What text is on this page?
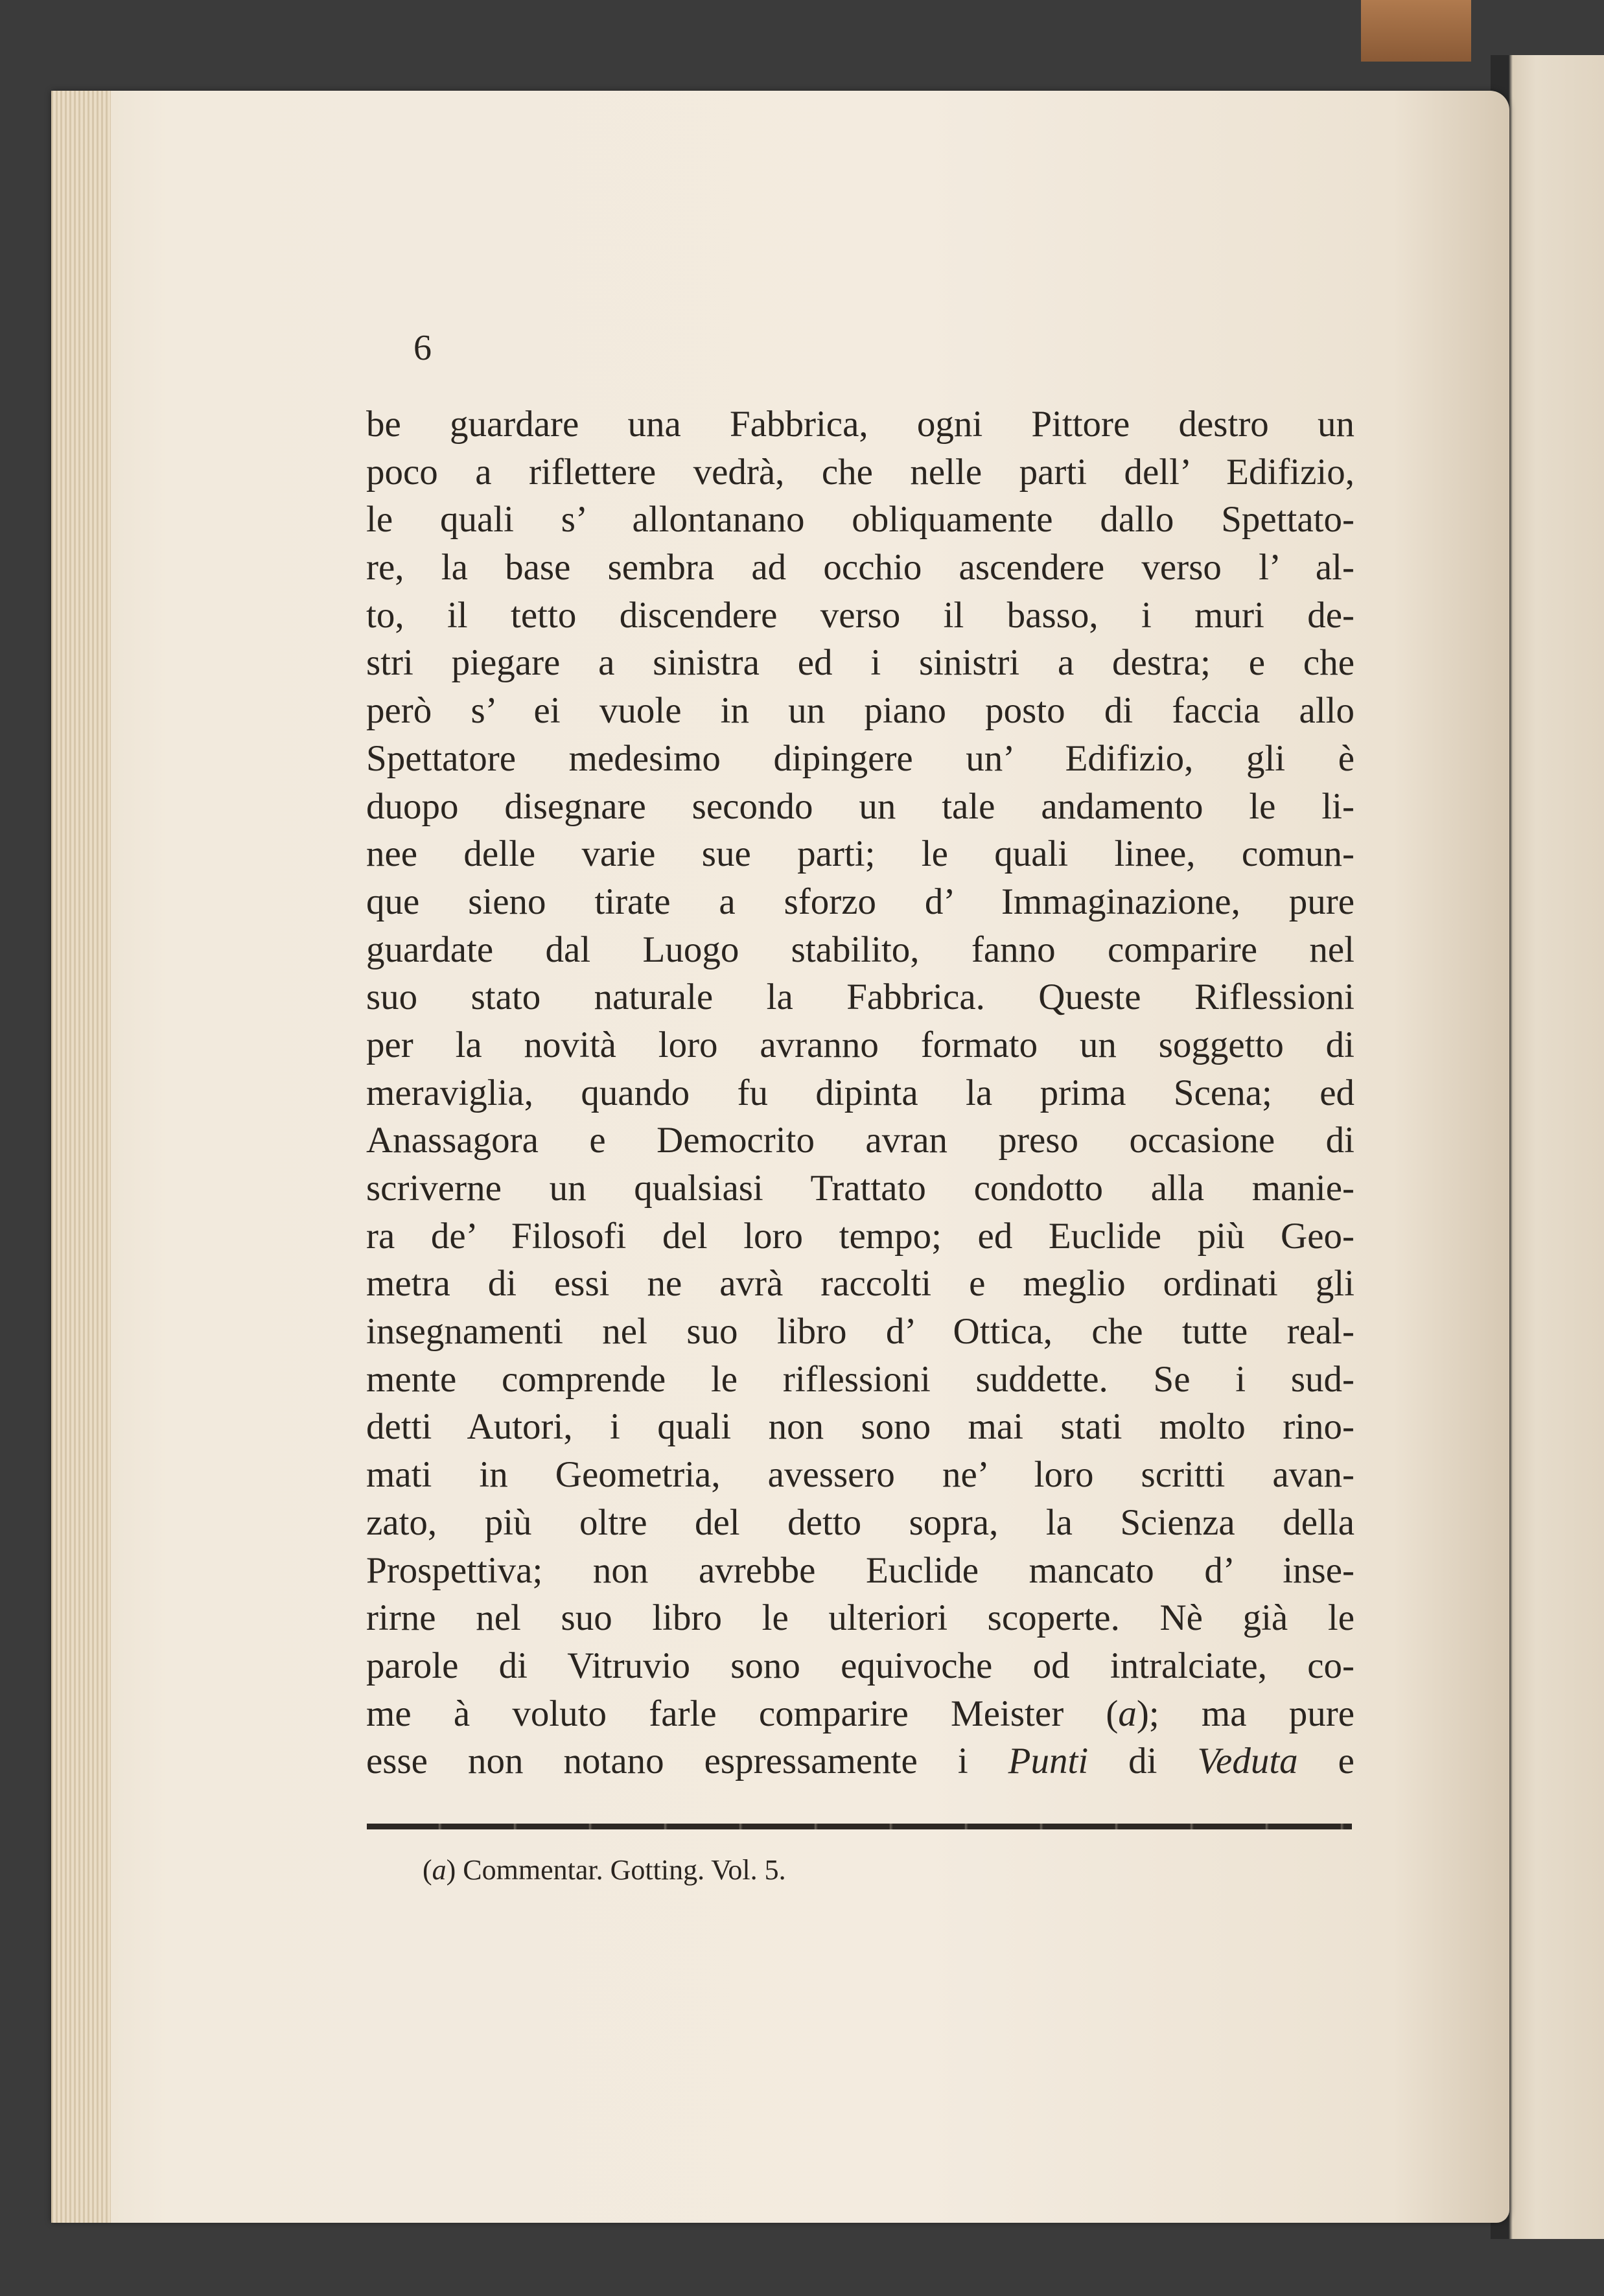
6
be guardare una Fabbrica, ogni Pittore destro un
poco a riflettere vedrà, che nelle parti dell’ Edifizio,
le quali s’ allontanano obliquamente dallo Spettato-
re, la base sembra ad occhio ascendere verso l’ al-
to, il tetto discendere verso il basso, i muri de-
stri piegare a sinistra ed i sinistri a destra; e che
però s’ ei vuole in un piano posto di faccia allo
Spettatore medesimo dipingere un’ Edifizio, gli è
duopo disegnare secondo un tale andamento le li-
nee delle varie sue parti; le quali linee, comun-
que sieno tirate a sforzo d’ Immaginazione, pure
guardate dal Luogo stabilito, fanno comparire nel
suo stato naturale la Fabbrica. Queste Riflessioni
per la novità loro avranno formato un soggetto di
meraviglia, quando fu dipinta la prima Scena; ed
Anassagora e Democrito avran preso occasione di
scriverne un qualsiasi Trattato condotto alla manie-
ra de’ Filosofi del loro tempo; ed Euclide più Geo-
metra di essi ne avrà raccolti e meglio ordinati gli
insegnamenti nel suo libro d’ Ottica, che tutte real-
mente comprende le riflessioni suddette. Se i sud-
detti Autori, i quali non sono mai stati molto rino-
mati in Geometria, avessero ne’ loro scritti avan-
zato, più oltre del detto sopra, la Scienza della
Prospettiva; non avrebbe Euclide mancato d’ inse-
rirne nel suo libro le ulteriori scoperte. Nè già le
parole di Vitruvio sono equivoche od intralciate, co-
me à voluto farle comparire Meister (a); ma pure
esse non notano espressamente i Punti di Veduta e
(a) Commentar. Gotting. Vol. 5.
